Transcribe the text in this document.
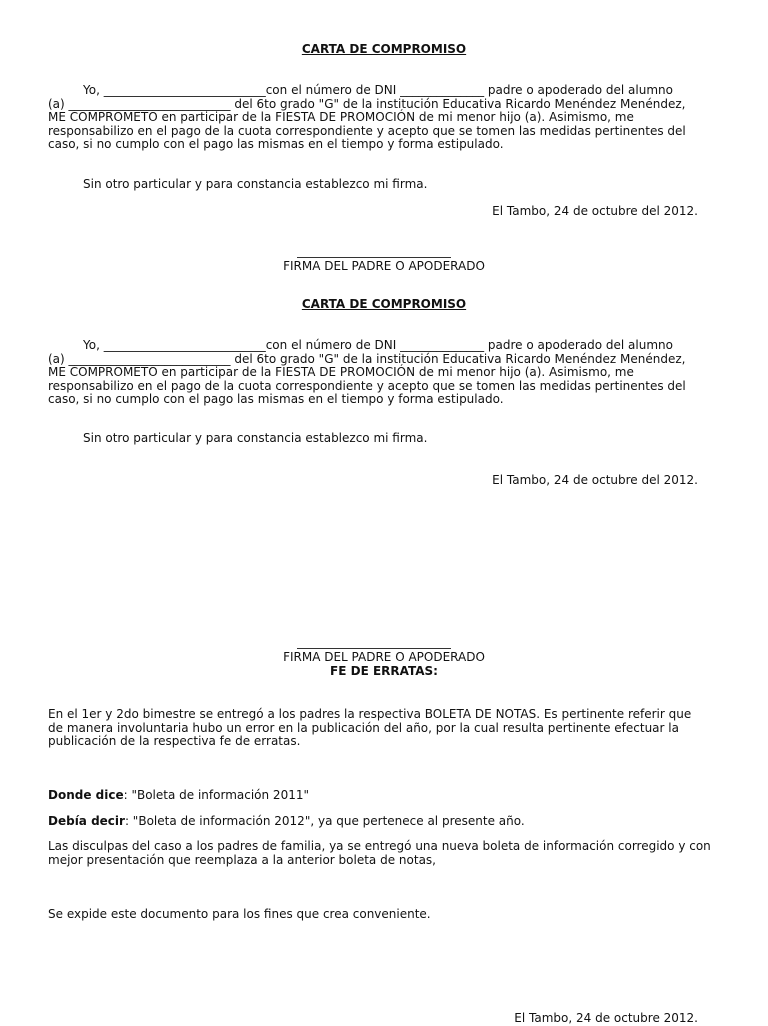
CARTA DE COMPROMISO

Yo, ___________________________con el número de DNI ______________ padre o apoderado del alumno

(a) ___________________________ del 6to grado "G" de la institución Educativa Ricardo Menéndez Menéndez,

ME COMPROMETO en participar de la FIESTA DE PROMOCIÓN de mi menor hijo (a). Asimismo, me

responsabilizo en el pago de la cuota correspondiente y acepto que se tomen las medidas pertinentes del

caso, si no cumplo con el pago las mismas en el tiempo y forma estipulado.

Sin otro particular y para constancia establezco mi firma.
El Tambo, 24 de octubre del 2012.
FIRMA DEL PADRE O APODERADO
CARTA DE COMPROMISO

Yo, ___________________________con el número de DNI ______________ padre o apoderado del alumno

(a) ___________________________ del 6to grado "G" de la institución Educativa Ricardo Menéndez Menéndez,

ME COMPROMETO en participar de la FIESTA DE PROMOCIÓN de mi menor hijo (a). Asimismo, me

responsabilizo en el pago de la cuota correspondiente y acepto que se tomen las medidas pertinentes del

caso, si no cumplo con el pago las mismas en el tiempo y forma estipulado.

Sin otro particular y para constancia establezco mi firma.
El Tambo, 24 de octubre del 2012.
FIRMA DEL PADRE O APODERADO
FE DE ERRATAS:

En el 1er y 2do bimestre se entregó a los padres la respectiva BOLETA DE NOTAS. Es pertinente referir que

de manera involuntaria hubo un error en la publicación del año, por la cual resulta pertinente efectuar la

publicación de la respectiva fe de erratas.

Donde dice: "Boleta de información 2011"
Debía decir: "Boleta de información 2012", ya que pertenece al presente año.

Las disculpas del caso a los padres de familia, ya se entregó una nueva boleta de información corregido y con

mejor presentación que reemplaza a la anterior boleta de notas,

Se expide este documento para los fines que crea conveniente.
El Tambo, 24 de octubre 2012.
